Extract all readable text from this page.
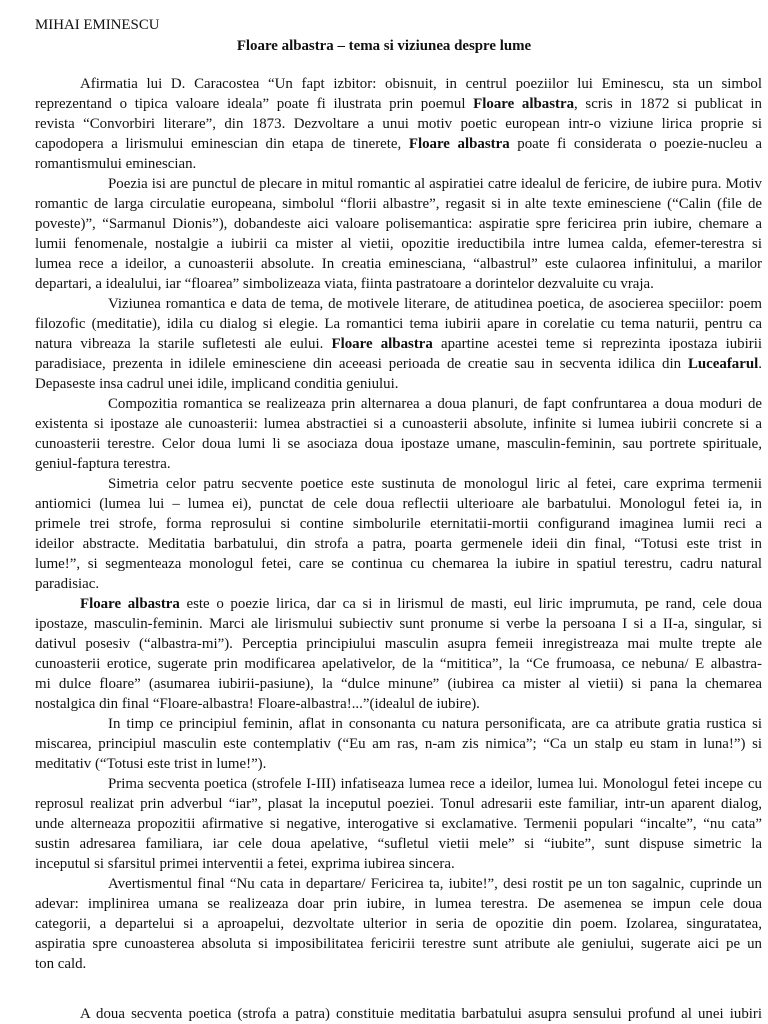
MIHAI EMINESCU
Floare albastra – tema si viziunea despre lume
Afirmatia lui D. Caracostea “Un fapt izbitor: obisnuit, in centrul poeziilor lui Eminescu, sta un simbol
reprezentand o tipica valoare ideala” poate fi ilustrata prin poemul Floare albastra, scris in 1872 si publicat in
revista “Convorbiri literare”, din 1873. Dezvoltare a unui motiv poetic european intr-o viziune lirica proprie si
capodopera a lirismului eminescian din etapa de tinerete, Floare albastra poate fi considerata o poezie-nucleu a
romantismului eminescian.
Poezia isi are punctul de plecare in mitul romantic al aspiratiei catre idealul de fericire, de iubire pura. Motiv
romantic de larga circulatie europeana, simbolul “florii albastre”, regasit si in alte texte eminesciene (“Calin (file de
poveste)”, “Sarmanul Dionis”), dobandeste aici valoare polisemantica: aspiratie spre fericirea prin iubire, chemare a
lumii fenomenale, nostalgie a iubirii ca mister al vietii, opozitie ireductibila intre lumea calda, efemer-terestra si
lumea rece a ideilor, a cunoasterii absolute. In creatia eminesciana, “albastrul” este culaorea infinitului, a marilor
departari, a idealului, iar “floarea” simbolizeaza viata, fiinta pastratoare a dorintelor dezvaluite cu vraja.
Viziunea romantica e data de tema, de motivele literare, de atitudinea poetica, de asocierea speciilor: poem
filozofic (meditatie), idila cu dialog si elegie. La romantici tema iubirii apare in corelatie cu tema naturii, pentru ca
natura vibreaza la starile sufletesti ale eului. Floare albastra apartine acestei teme si reprezinta ipostaza iubirii
paradisiace, prezenta in idilele eminesciene din aceeasi perioada de creatie sau in secventa idilica din Luceafarul.
Depaseste insa cadrul unei idile, implicand conditia geniului.
Compozitia romantica se realizeaza prin alternarea a doua planuri, de fapt confruntarea a doua moduri de
existenta si ipostaze ale cunoasterii: lumea abstractiei si a cunoasterii absolute, infinite si lumea iubirii concrete si a
cunoasterii terestre. Celor doua lumi li se asociaza doua ipostaze umane, masculin-feminin, sau portrete spirituale,
geniul-faptura terestra.
Simetria celor patru secvente poetice este sustinuta de monologul liric al fetei, care exprima termenii
antiomici (lumea lui – lumea ei), punctat de cele doua reflectii ulterioare ale barbatului. Monologul fetei ia, in
primele trei strofe, forma reprosului si contine simbolurile eternitatii-mortii configurand imaginea lumii reci a
ideilor abstracte. Meditatia barbatului, din strofa a patra, poarta germenele ideii din final, “Totusi este trist in
lume!”, si segmenteaza monologul fetei, care se continua cu chemarea la iubire in spatiul terestru, cadru natural
paradisiac.
Floare albastra este o poezie lirica, dar ca si in lirismul de masti, eul liric imprumuta, pe rand, cele doua
ipostaze, masculin-feminin. Marci ale lirismului subiectiv sunt pronume si verbe la persoana I si a II-a, singular, si
dativul posesiv (“albastra-mi”). Perceptia principiului masculin asupra femeii inregistreaza mai multe trepte ale
cunoasterii erotice, sugerate prin modificarea apelativelor, de la “mititica”, la “Ce frumoasa, ce nebuna/ E albastra-
mi dulce floare” (asumarea iubirii-pasiune), la “dulce minune” (iubirea ca mister al vietii) si pana la chemarea
nostalgica din final “Floare-albastra! Floare-albastra!...”(idealul de iubire).
In timp ce principiul feminin, aflat in consonanta cu natura personificata, are ca atribute gratia rustica si
miscarea, principiul masculin este contemplativ (“Eu am ras, n-am zis nimica”; “Ca un stalp eu stam in luna!”) si
meditativ (“Totusi este trist in lume!”).
Prima secventa poetica (strofele I-III) infatiseaza lumea rece a ideilor, lumea lui. Monologul fetei incepe cu
reprosul realizat prin adverbul “iar”, plasat la inceputul poeziei. Tonul adresarii este familiar, intr-un aparent dialog,
unde alterneaza propozitii afirmative si negative, interogative si exclamative. Termenii populari “incalte”, “nu cata”
sustin adresarea familiara, iar cele doua apelative, “sufletul vietii mele” si “iubite”, sunt dispuse simetric la
inceputul si sfarsitul primei interventii a fetei, exprima iubirea sincera.
Avertismentul final “Nu cata in departare/ Fericirea ta, iubite!”, desi rostit pe un ton sagalnic, cuprinde un
adevar: implinirea umana se realizeaza doar prin iubire, in lumea terestra. De asemenea se impun cele doua
categorii, a departelui si a aproapelui, dezvoltate ulterior in seria de opozitie din poem. Izolarea, singuratatea,
aspiratia spre cunoasterea absoluta si imposibilitatea fericirii terestre sunt atribute ale geniului, sugerate aici pe un
ton cald.
A doua secventa poetica (strofa a patra) constituie meditatia barbatului asupra sensului profund al unei iubiri
